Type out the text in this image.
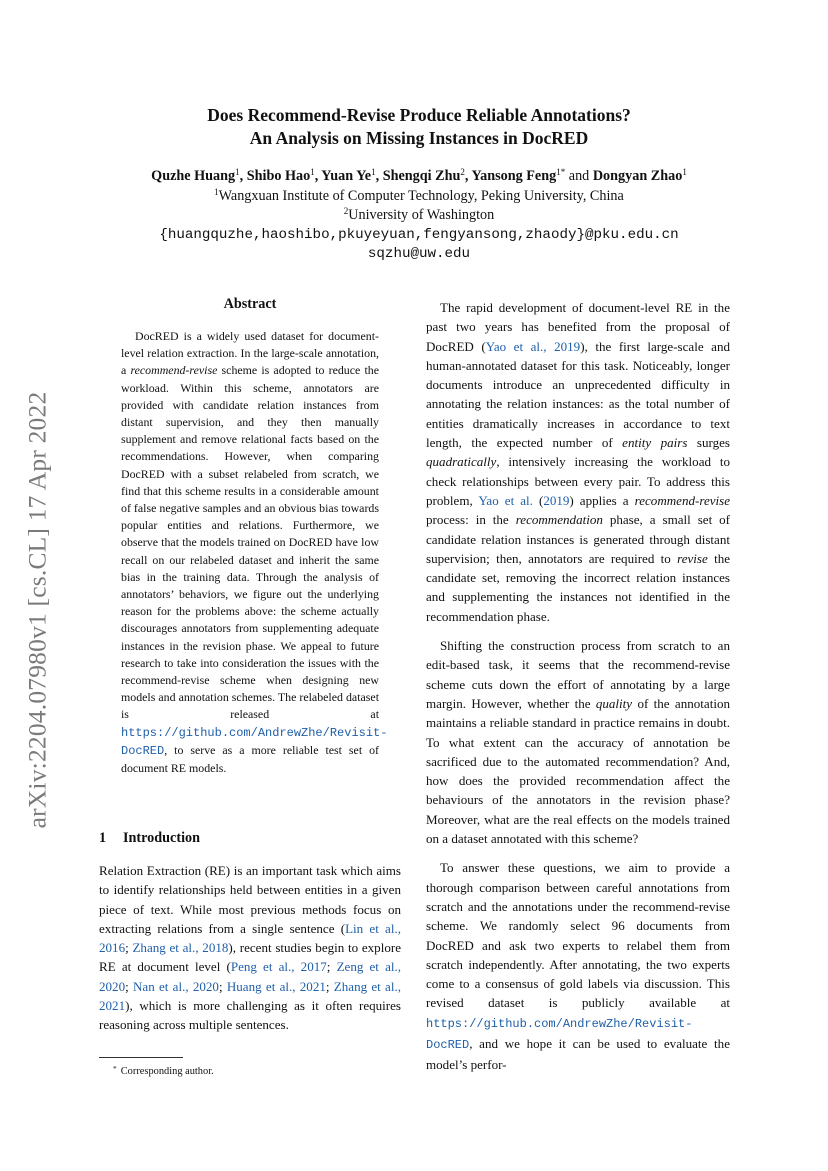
arXiv:2204.07980v1 [cs.CL] 17 Apr 2022
Does Recommend-Revise Produce Reliable Annotations?
An Analysis on Missing Instances in DocRED
Quzhe Huang$^1$, Shibo Hao$^1$, Yuan Ye$^1$, Shengqi Zhu$^2$, Yansong Feng$^{1*}$ and Dongyan Zhao$^1$
$^1$Wangxuan Institute of Computer Technology, Peking University, China
$^2$University of Washington
{huangquzhe,haoshibo,pkuyeyuan,fengyansong,zhaody}@pku.edu.cn
sqzhu@uw.edu
Abstract

DocRED is a widely used dataset for document-level relation extraction. In the large-scale annotation, a recommend-revise scheme is adopted to reduce the workload. Within this scheme, annotators are provided with candidate relation instances from distant supervision, and they then manually supplement and remove relational facts based on the recommendations. However, when comparing DocRED with a subset relabeled from scratch, we find that this scheme results in a considerable amount of false negative samples and an obvious bias towards popular entities and relations. Furthermore, we observe that the models trained on DocRED have low recall on our relabeled dataset and inherit the same bias in the training data. Through the analysis of annotators’ behaviors, we figure out the underlying reason for the problems above: the scheme actually discourages annotators from supplementing adequate instances in the revision phase. We appeal to future research to take into consideration the issues with the recommend-revise scheme when designing new models and annotation schemes. The relabeled dataset is released at https://github.com/AndrewZhe/Revisit-DocRED, to serve as a more reliable test set of document RE models.

1 Introduction

Relation Extraction (RE) is an important task which aims to identify relationships held between entities in a given piece of text. While most previous methods focus on extracting relations from a single sentence (Lin et al., 2016; Zhang et al., 2018), recent studies begin to explore RE at document level (Peng et al., 2017; Zeng et al., 2020; Nan et al., 2020; Huang et al., 2021; Zhang et al., 2021), which is more challenging as it often requires reasoning across multiple sentences.

* Corresponding author.

The rapid development of document-level RE in the past two years has benefited from the proposal of DocRED (Yao et al., 2019), the first large-scale and human-annotated dataset for this task. Noticeably, longer documents introduce an unprecedented difficulty in annotating the relation instances: as the total number of entities dramatically increases in accordance to text length, the expected number of entity pairs surges quadratically, intensively increasing the workload to check relationships between every pair. To address this problem, Yao et al. (2019) applies a recommend-revise process: in the recommendation phase, a small set of candidate relation instances is generated through distant supervision; then, annotators are required to revise the candidate set, removing the incorrect relation instances and supplementing the instances not identified in the recommendation phase.

Shifting the construction process from scratch to an edit-based task, it seems that the recommend-revise scheme cuts down the effort of annotating by a large margin. However, whether the quality of the annotation maintains a reliable standard in practice remains in doubt. To what extent can the accuracy of annotation be sacrificed due to the automated recommendation? And, how does the provided recommendation affect the behaviours of the annotators in the revision phase? Moreover, what are the real effects on the models trained on a dataset annotated with this scheme?

To answer these questions, we aim to provide a thorough comparison between careful annotations from scratch and the annotations under the recommend-revise scheme. We randomly select 96 documents from DocRED and ask two experts to relabel them from scratch independently. After annotating, the two experts come to a consensus of gold labels via discussion. This revised dataset is publicly available at https://github.com/AndrewZhe/Revisit-DocRED, and we hope it can be used to evaluate the model’s perfor-
